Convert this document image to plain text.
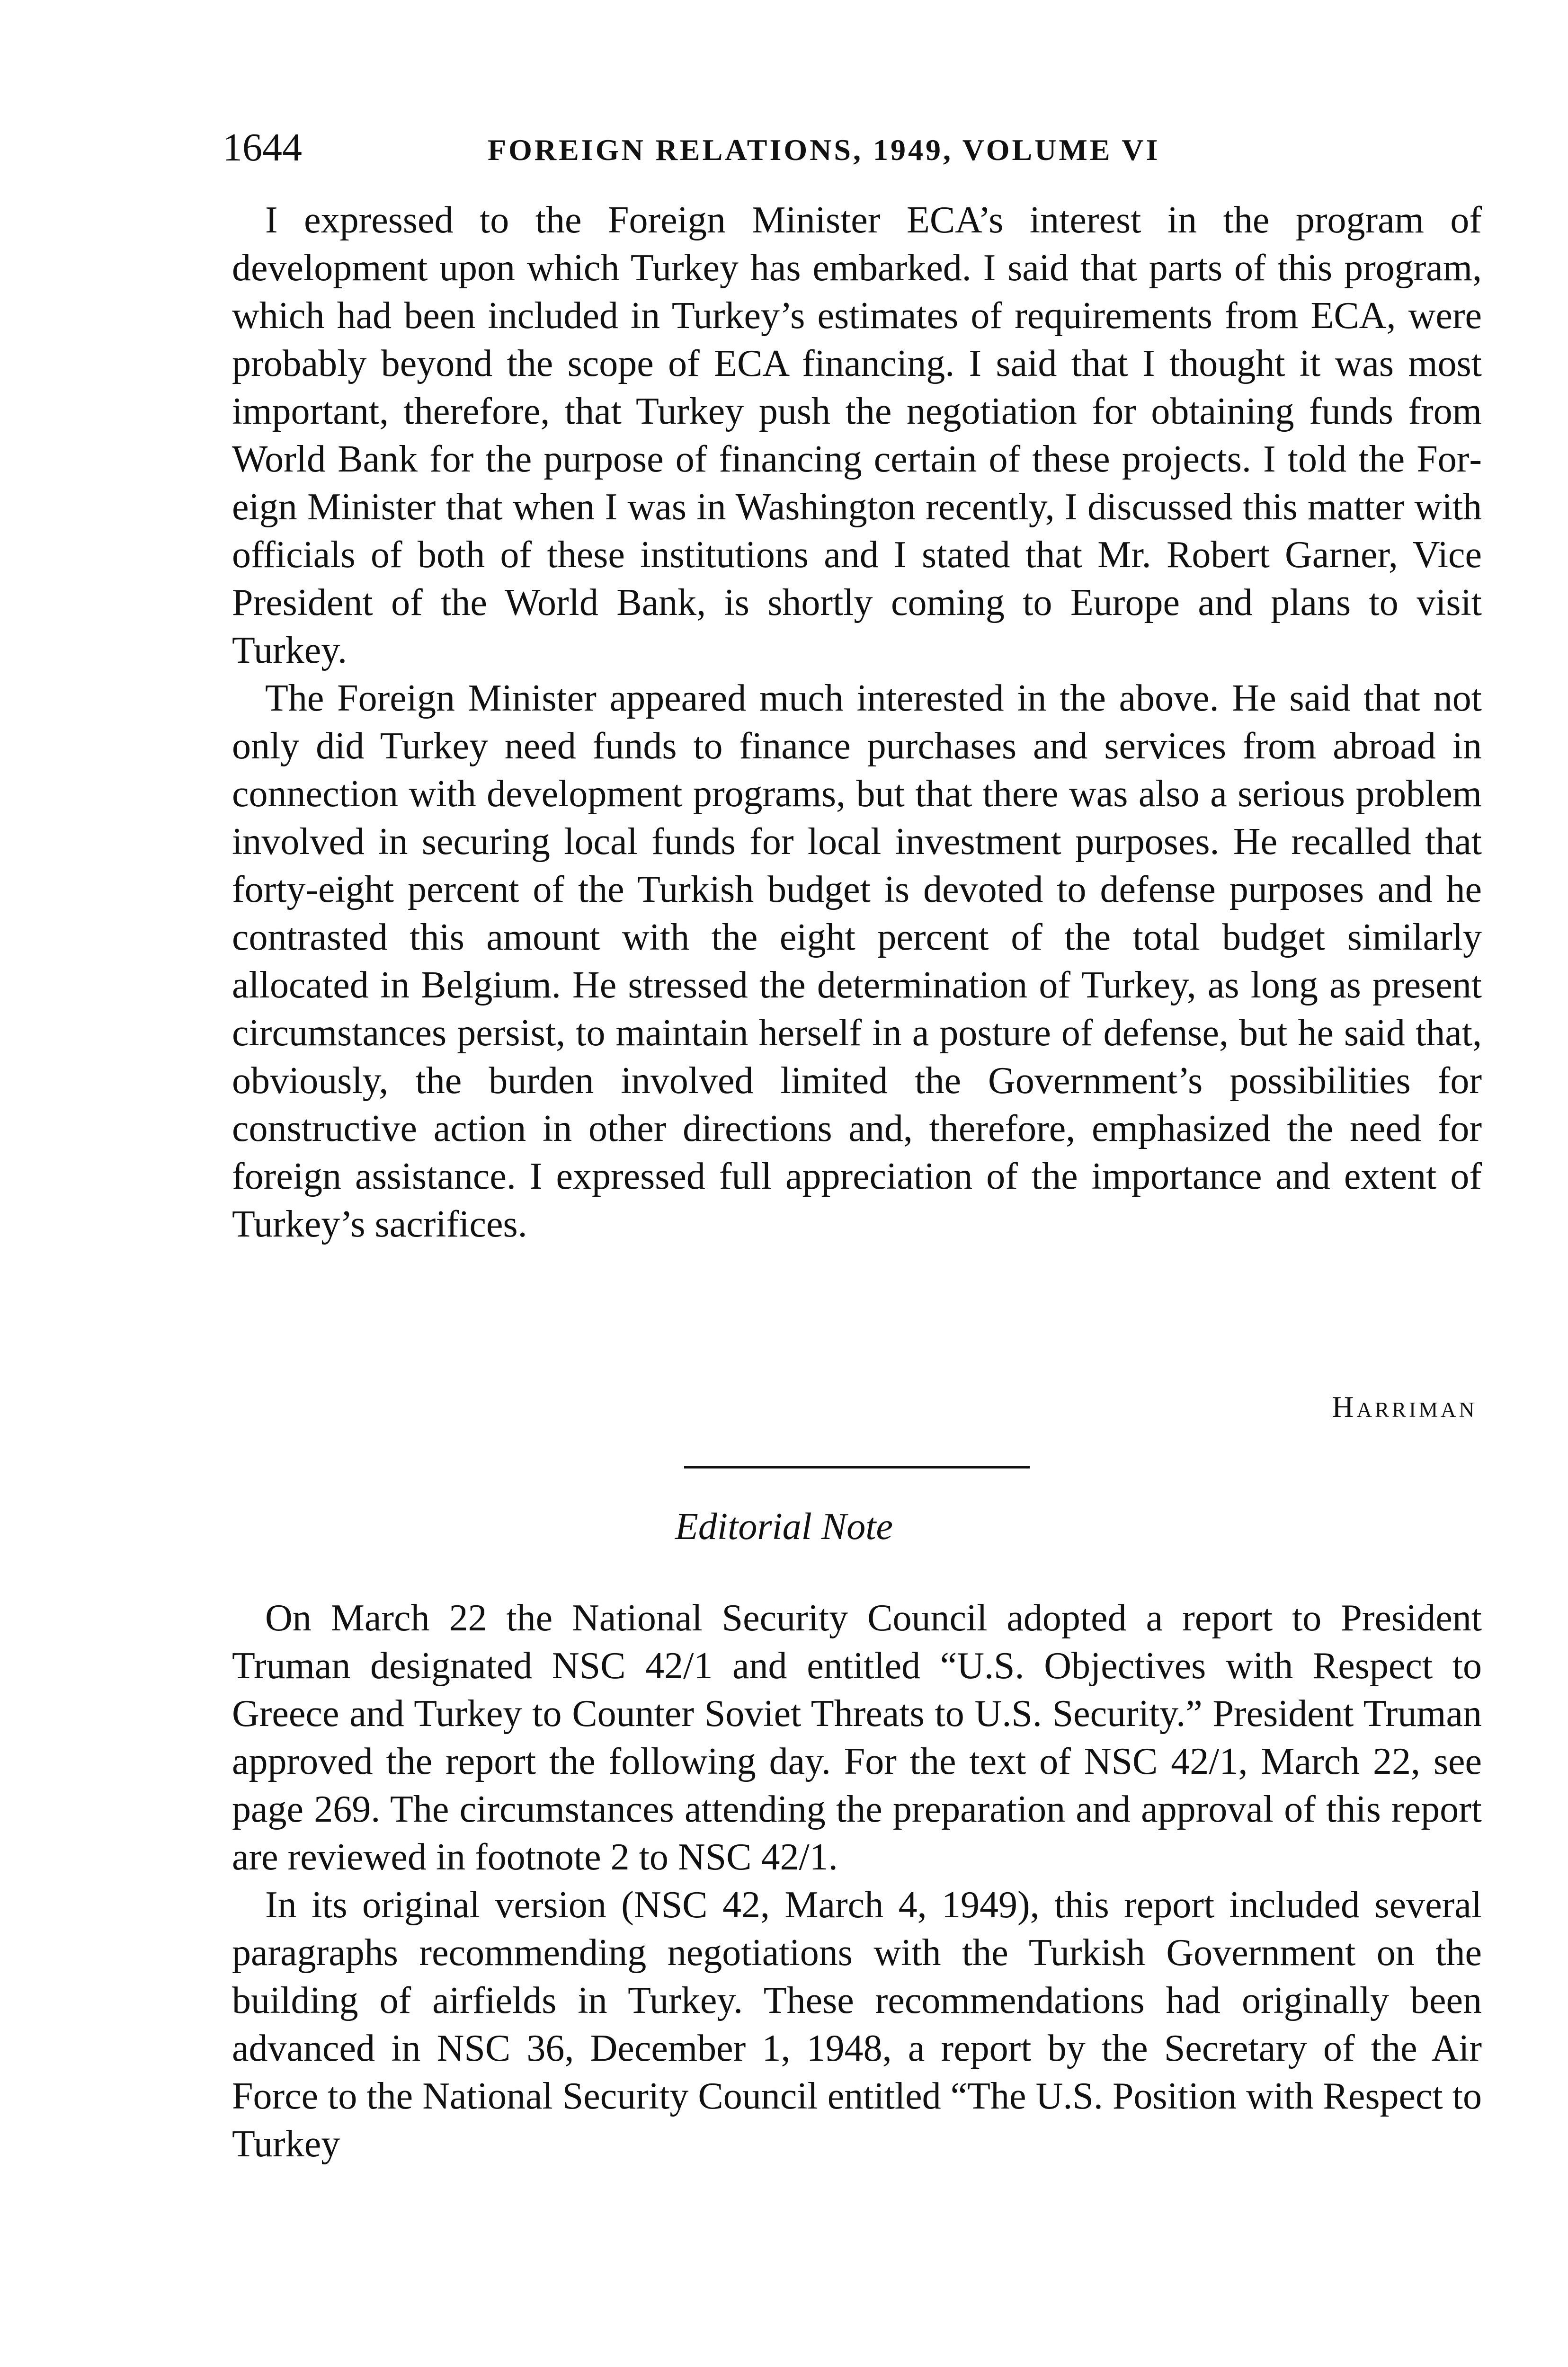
1644	FOREIGN RELATIONS, 1949, VOLUME VI

I expressed to the Foreign Minister ECA’s interest in the program of development upon which Turkey has embarked. I said that parts of this program, which had been included in Turkey’s estimates of requirements from ECA, were probably beyond the scope of ECA financing. I said that I thought it was most important, therefore, that Turkey push the negotiation for obtaining funds from World Bank for the purpose of financing certain of these projects. I told the Foreign Minister that when I was in Washington recently, I discussed this matter with officials of both of these institutions and I stated that Mr. Robert Garner, Vice President of the World Bank, is shortly coming to Europe and plans to visit Turkey.

The Foreign Minister appeared much interested in the above. He said that not only did Turkey need funds to finance purchases and services from abroad in connection with development programs, but that there was also a serious problem involved in securing local funds for local investment purposes. He recalled that forty-eight percent of the Turkish budget is devoted to defense purposes and he contrasted this amount with the eight percent of the total budget similarly allocated in Belgium. He stressed the determination of Turkey, as long as present circumstances persist, to maintain herself in a posture of defense, but he said that, obviously, the burden involved limited the Government’s possibilities for constructive action in other directions and, therefore, emphasized the need for foreign assistance. I expressed full appreciation of the importance and extent of Turkey’s sacrifices.

Harriman
Editorial Note

On March 22 the National Security Council adopted a report to President Truman designated NSC 42/1 and entitled “U.S. Objectives with Respect to Greece and Turkey to Counter Soviet Threats to U.S. Security.” President Truman approved the report the following day. For the text of NSC 42/1, March 22, see page 269. The circumstances attending the preparation and approval of this report are reviewed in footnote 2 to NSC 42/1.

In its original version (NSC 42, March 4, 1949), this report included several paragraphs recommending negotiations with the Turkish Government on the building of airfields in Turkey. These recommendations had originally been advanced in NSC 36, December 1, 1948, a report by the Secretary of the Air Force to the National Security Council entitled “The U.S. Position with Respect to Turkey
